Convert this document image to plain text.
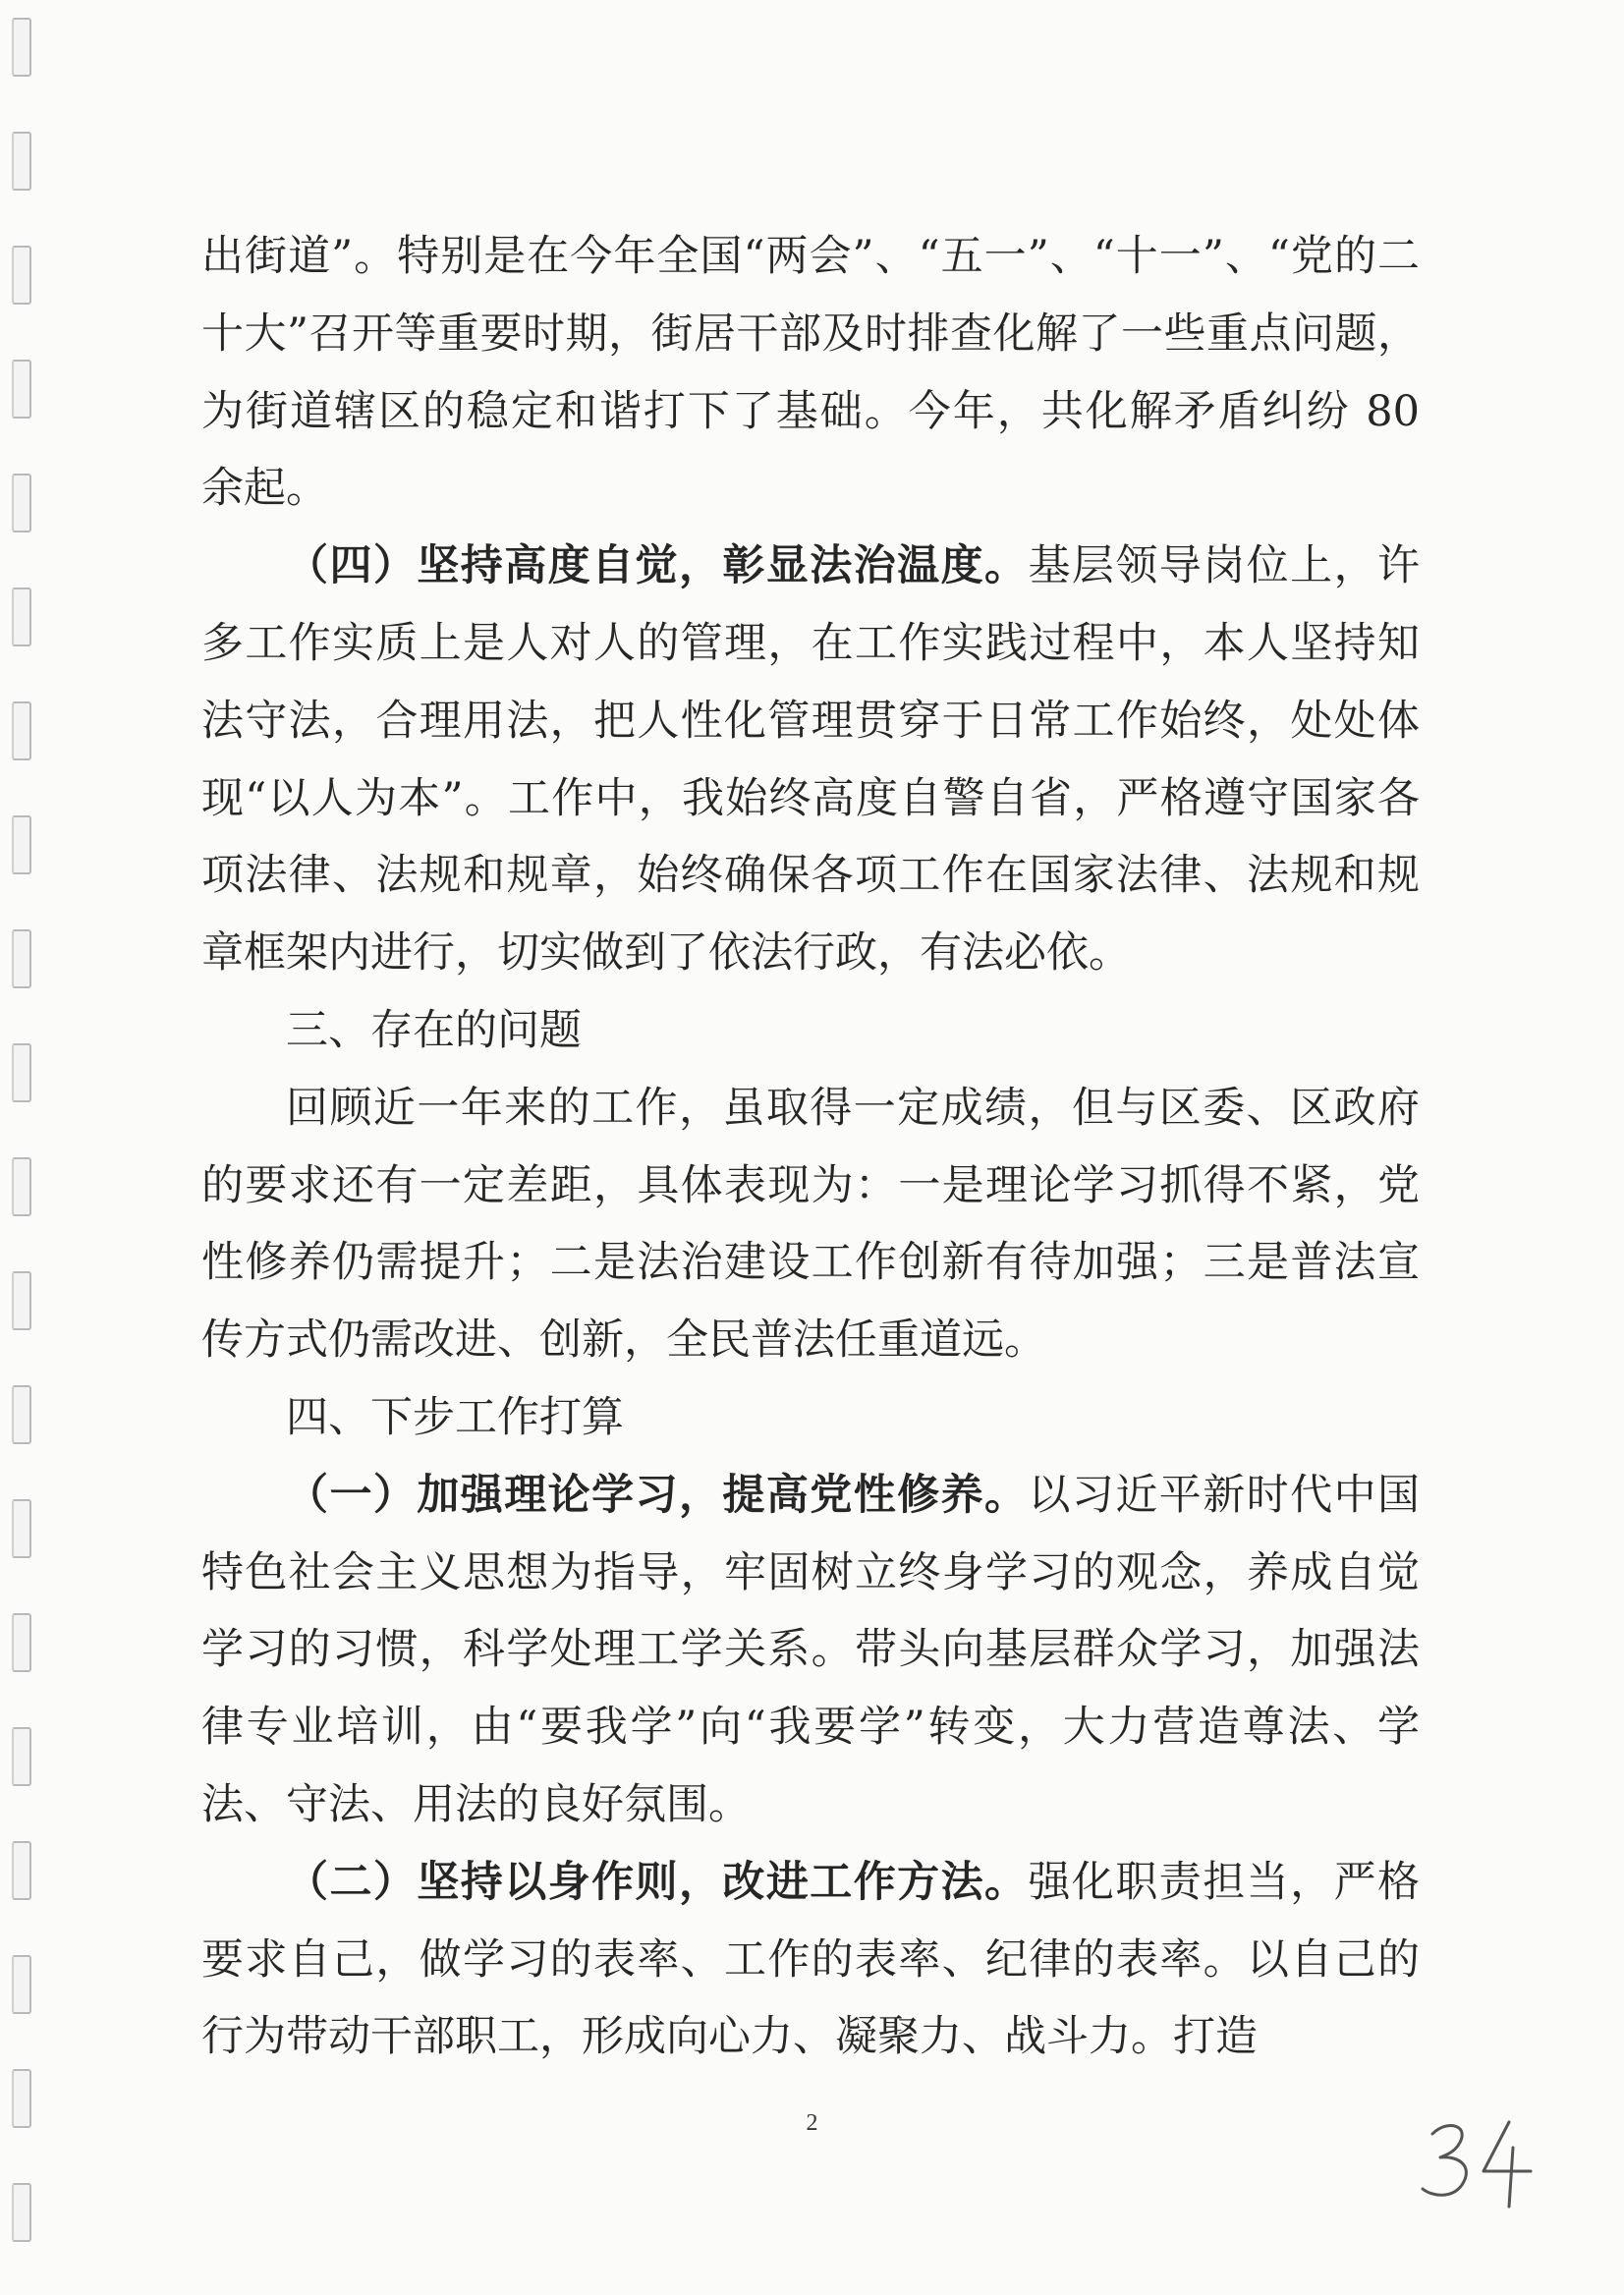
出街道”。特别是在今年全国“两会”、“五一”、“十一”、“党的二十大”召开等重要时期，街居干部及时排查化解了一些重点问题，为街道辖区的稳定和谐打下了基础。今年，共化解矛盾纠纷 80 余起。

（四）坚持高度自觉，彰显法治温度。基层领导岗位上，许多工作实质上是人对人的管理，在工作实践过程中，本人坚持知法守法，合理用法，把人性化管理贯穿于日常工作始终，处处体现“以人为本”。工作中，我始终高度自警自省，严格遵守国家各项法律、法规和规章，始终确保各项工作在国家法律、法规和规章框架内进行，切实做到了依法行政，有法必依。

三、存在的问题

回顾近一年来的工作，虽取得一定成绩，但与区委、区政府的要求还有一定差距，具体表现为：一是理论学习抓得不紧，党性修养仍需提升；二是法治建设工作创新有待加强；三是普法宣传方式仍需改进、创新，全民普法任重道远。

四、下步工作打算

（一）加强理论学习，提高党性修养。以习近平新时代中国特色社会主义思想为指导，牢固树立终身学习的观念，养成自觉学习的习惯，科学处理工学关系。带头向基层群众学习，加强法律专业培训，由“要我学”向“我要学”转变，大力营造尊法、学法、守法、用法的良好氛围。

（二）坚持以身作则，改进工作方法。强化职责担当，严格要求自己，做学习的表率、工作的表率、纪律的表率。以自己的行为带动干部职工，形成向心力、凝聚力、战斗力。打造

2
